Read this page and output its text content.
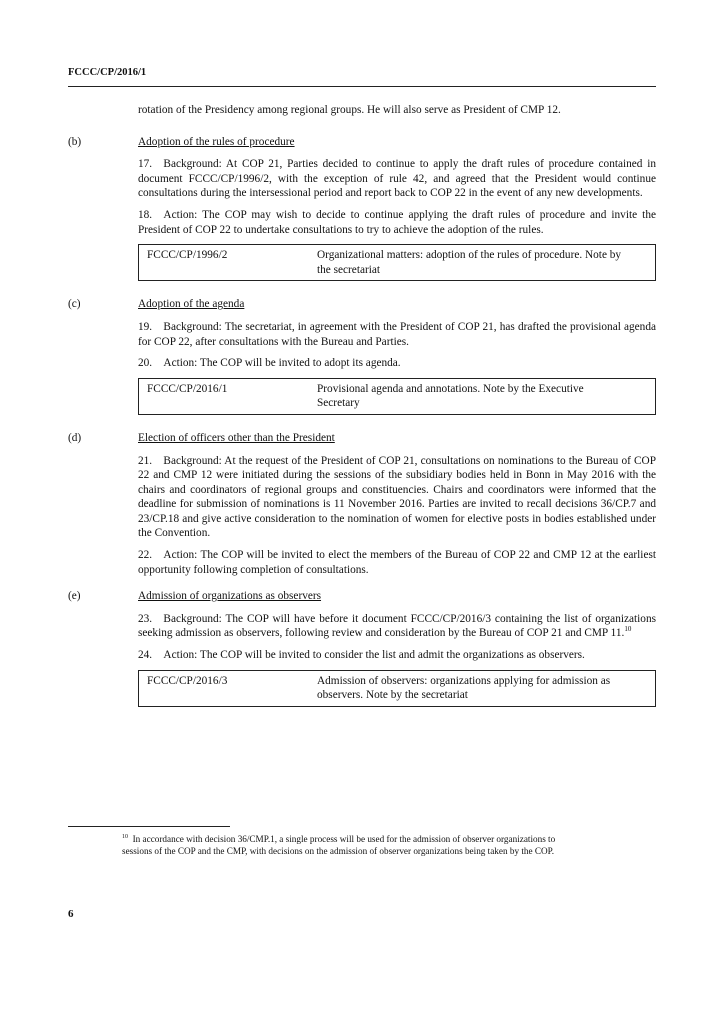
FCCC/CP/2016/1

rotation of the Presidency among regional groups. He will also serve as President of CMP 12.

(b)	Adoption of the rules of procedure

17. Background: At COP 21, Parties decided to continue to apply the draft rules of procedure contained in document FCCC/CP/1996/2, with the exception of rule 42, and agreed that the President would continue consultations during the intersessional period and report back to COP 22 in the event of any new developments.

18. Action: The COP may wish to decide to continue applying the draft rules of procedure and invite the President of COP 22 to undertake consultations to try to achieve the adoption of the rules.

FCCC/CP/1996/2	Organizational matters: adoption of the rules of procedure. Note by the secretariat
(c)	Adoption of the agenda

19. Background: The secretariat, in agreement with the President of COP 21, has drafted the provisional agenda for COP 22, after consultations with the Bureau and Parties.

20. Action: The COP will be invited to adopt its agenda.

FCCC/CP/2016/1	Provisional agenda and annotations. Note by the Executive Secretary
(d)	Election of officers other than the President

21. Background: At the request of the President of COP 21, consultations on nominations to the Bureau of COP 22 and CMP 12 were initiated during the sessions of the subsidiary bodies held in Bonn in May 2016 with the chairs and coordinators of regional groups and constituencies. Chairs and coordinators were informed that the deadline for submission of nominations is 11 November 2016. Parties are invited to recall decisions 36/CP.7 and 23/CP.18 and give active consideration to the nomination of women for elective posts in bodies established under the Convention.

22. Action: The COP will be invited to elect the members of the Bureau of COP 22 and CMP 12 at the earliest opportunity following completion of consultations.

(e)	Admission of organizations as observers

23. Background: The COP will have before it document FCCC/CP/2016/3 containing the list of organizations seeking admission as observers, following review and consideration by the Bureau of COP 21 and CMP 11.10

24. Action: The COP will be invited to consider the list and admit the organizations as observers.

FCCC/CP/2016/3	Admission of observers: organizations applying for admission as observers. Note by the secretariat
$^{10}$ In accordance with decision 36/CMP.1, a single process will be used for the admission of observer organizations to sessions of the COP and the CMP, with decisions on the admission of observer organizations being taken by the COP.
6
